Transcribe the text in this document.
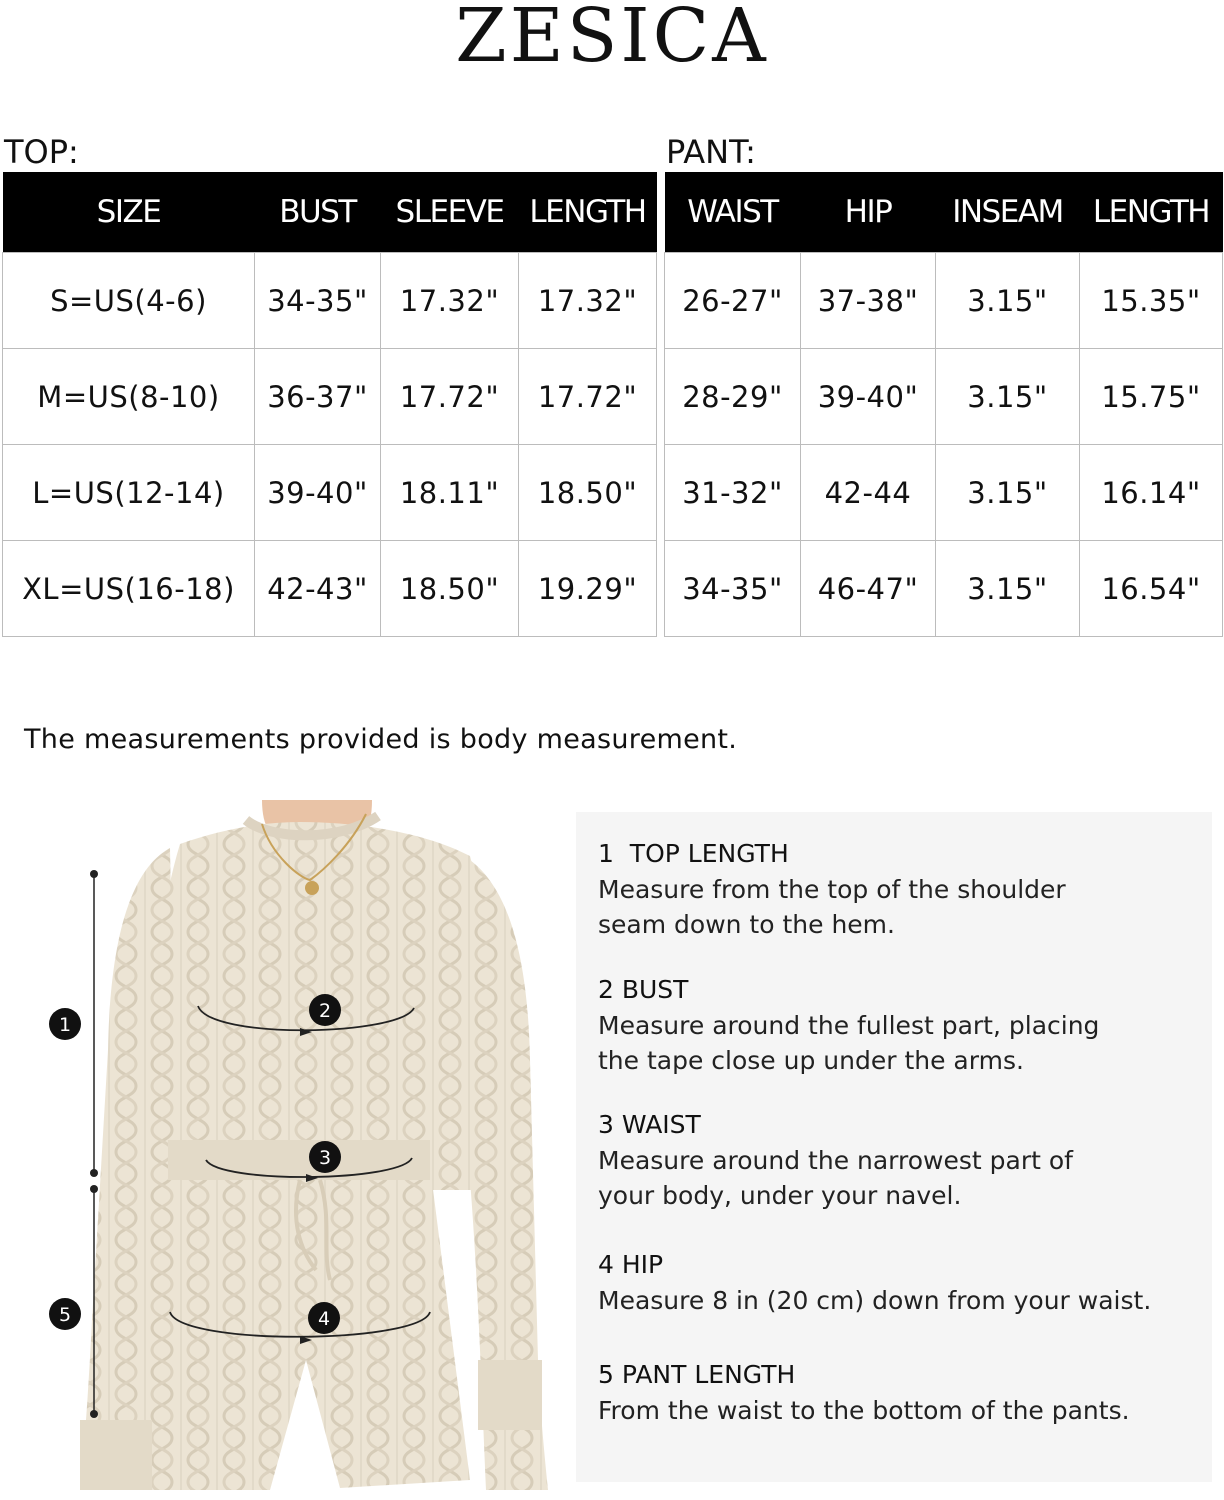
ZESICA
TOP:
SIZE	BUST	SLEEVE	LENGTH
S=US(4-6)	34-35"	17.32"	17.32"
M=US(8-10)	36-37"	17.72"	17.72"
L=US(12-14)	39-40"	18.11"	18.50"
XL=US(16-18)	42-43"	18.50"	19.29"
PANT:
WAIST	HIP	INSEAM	LENGTH
26-27"	37-38"	3.15"	15.35"
28-29"	39-40"	3.15"	15.75"
31-32"	42-44	3.15"	16.14"
34-35"	46-47"	3.15"	16.54"
The measurements provided is body measurement.
1
2
3
4
5
1  TOP LENGTH
Measure from the top of the shoulder
seam down to the hem.
2 BUST
Measure around the fullest part, placing
the tape close up under the arms.
3 WAIST
Measure around the narrowest part of
your body, under your navel.
4 HIP
Measure 8 in (20 cm) down from your waist.
5 PANT LENGTH
From the waist to the bottom of the pants.
